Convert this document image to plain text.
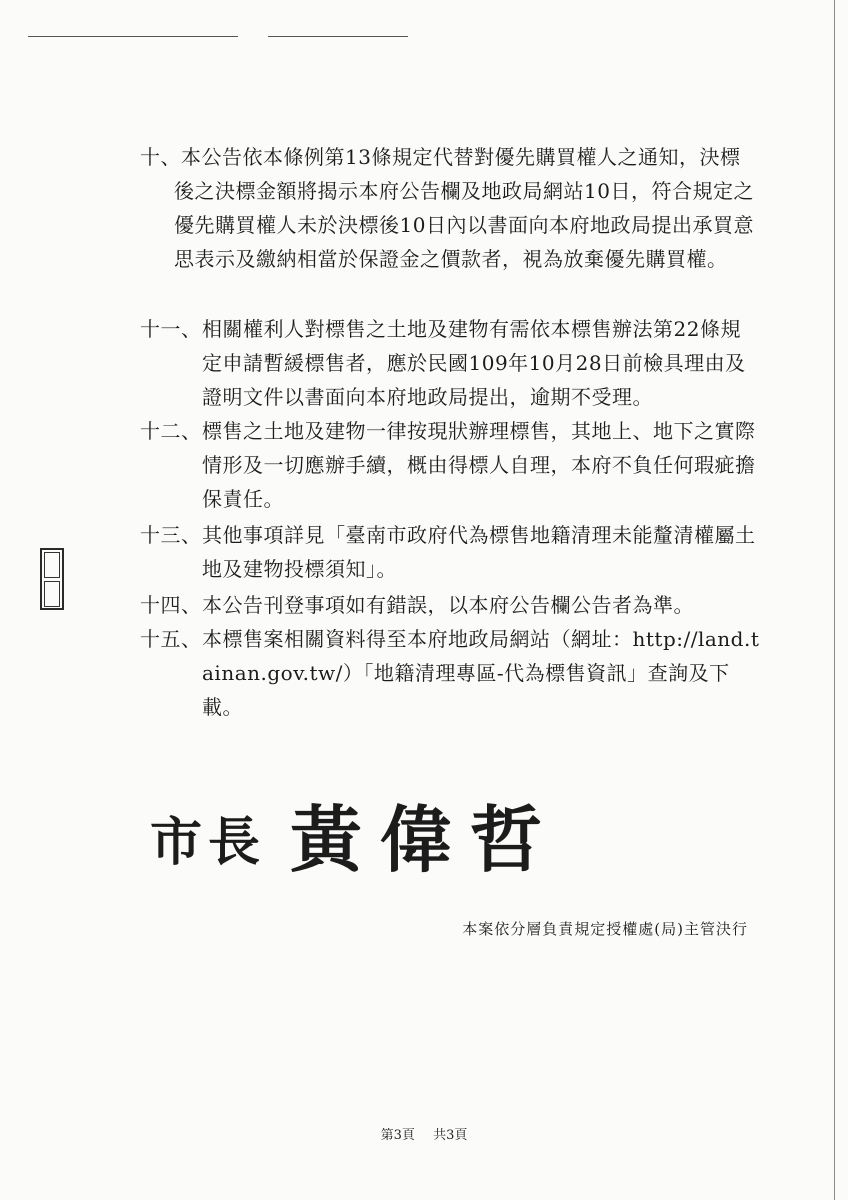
十、 本公告依本條例第13條規定代替對優先購買權人之通知，決標後之決標金額將揭示本府公告欄及地政局網站10日，符合規定之優先購買權人未於決標後10日內以書面向本府地政局提出承買意思表示及繳納相當於保證金之價款者，視為放棄優先購買權。
十一、 相關權利人對標售之土地及建物有需依本標售辦法第22條規定申請暫緩標售者，應於民國109年10月28日前檢具理由及證明文件以書面向本府地政局提出，逾期不受理。
十二、 標售之土地及建物一律按現狀辦理標售，其地上、地下之實際情形及一切應辦手續，概由得標人自理，本府不負任何瑕疵擔保責任。
十三、 其他事項詳見「臺南市政府代為標售地籍清理未能釐清權屬土地及建物投標須知」。
十四、 本公告刊登事項如有錯誤，以本府公告欄公告者為準。
十五、 本標售案相關資料得至本府地政局網站（網址：http://land.tainan.gov.tw/）「地籍清理專區-代為標售資訊」查詢及下載。
市長 黃偉哲
本案依分層負責規定授權處(局)主管決行
第3頁 共3頁
